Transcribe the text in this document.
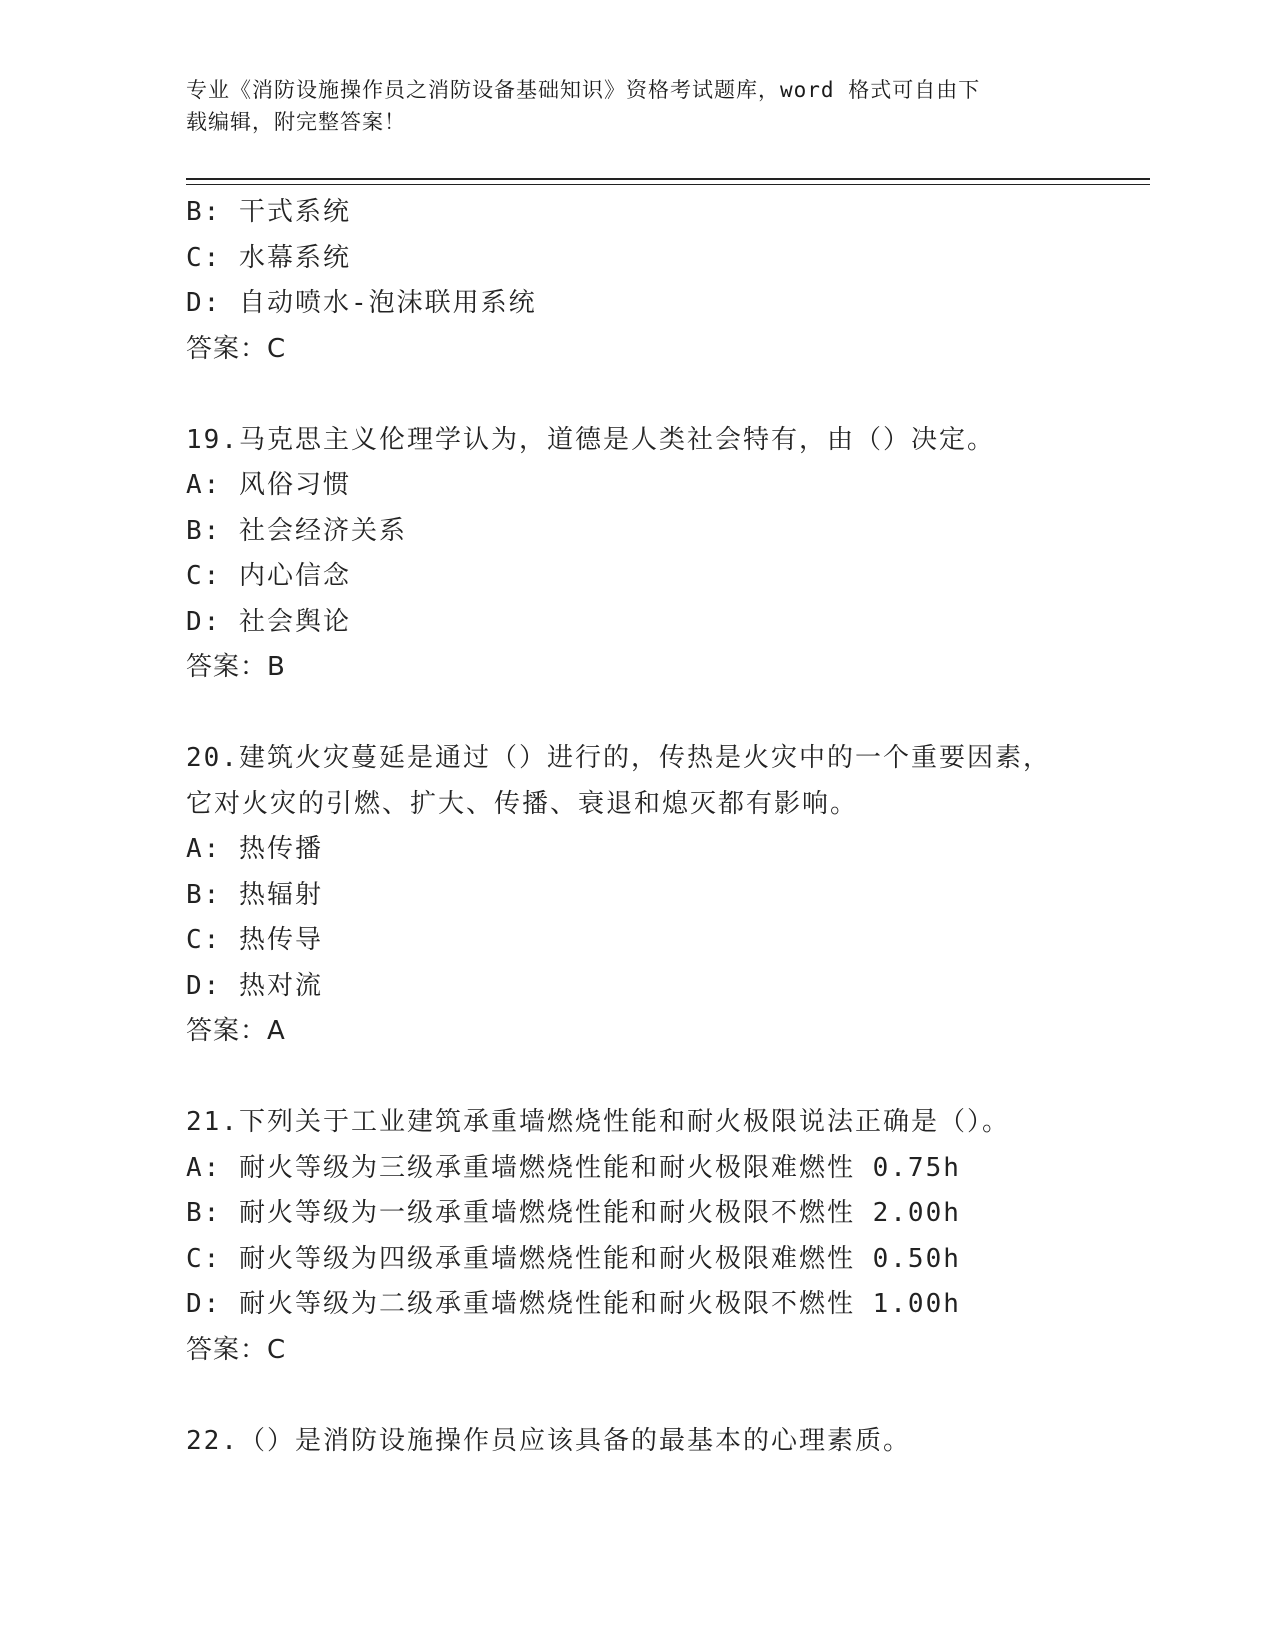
专业《消防设施操作员之消防设备基础知识》资格考试题库，word 格式可自由下
载编辑，附完整答案！
B: 干式系统
C: 水幕系统
D: 自动喷水-泡沫联用系统
答案：C
19.马克思主义伦理学认为，道德是人类社会特有，由（）决定。
A: 风俗习惯
B: 社会经济关系
C: 内心信念
D: 社会舆论
答案：B
20.建筑火灾蔓延是通过（）进行的，传热是火灾中的一个重要因素，
它对火灾的引燃、扩大、传播、衰退和熄灭都有影响。
A: 热传播
B: 热辐射
C: 热传导
D: 热对流
答案：A
21.下列关于工业建筑承重墙燃烧性能和耐火极限说法正确是（）。
A: 耐火等级为三级承重墙燃烧性能和耐火极限难燃性 0.75h
B: 耐火等级为一级承重墙燃烧性能和耐火极限不燃性 2.00h
C: 耐火等级为四级承重墙燃烧性能和耐火极限难燃性 0.50h
D: 耐火等级为二级承重墙燃烧性能和耐火极限不燃性 1.00h
答案：C
22.（）是消防设施操作员应该具备的最基本的心理素质。
